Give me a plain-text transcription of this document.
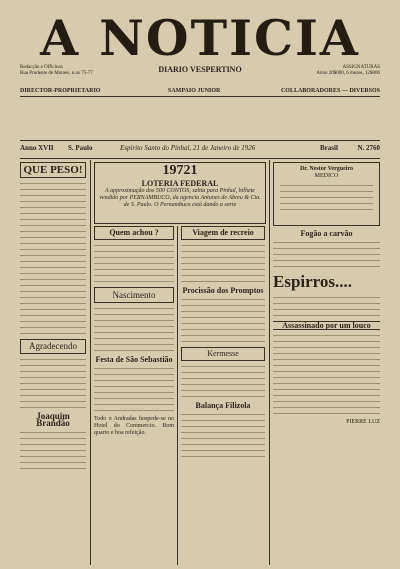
A NOTICIA
Redacção e Officinas
Rua Prudente de Moraes, n.os 75-77	DIARIO VESPERTINO	ASSIGNATURAS
Anno 20$000, 6 mezes, 12$000
DIRECTOR-PROPRIETARIO	SAMPAIO JUNIOR	COLLABORADORES — DIVERSOS
Anno XVII S. Paulo	Espirito Santo do Pinhal, 21 de Janeiro de 1926	Brasil	N. 2760
QUE PESO!
Agradecendo
Joaquim Brandão
19721
LOTERIA FEDERAL
A approximação dos 500 CONTOS, sahiu para Pinhal, bilhete vendido por PERNAMBUCO, da agencia Antunes de Abreu & Cia. de S. Paulo. O Pernambuco está dando a sorte
Quem achou ?
Nascimento
Festa de São Sebastião
Todo o Andradas hospede-se no Hotel do Commercio. Bom quarto e boa refeição.
Viagem de recreio
Procissão dos Promptos
Kermesse
Balança Filizola
Dr. Nestor Vergueiro
MEDICO
Fogão a carvão
Espirros....
Assassinado por um louco
PIERRE LUZ
